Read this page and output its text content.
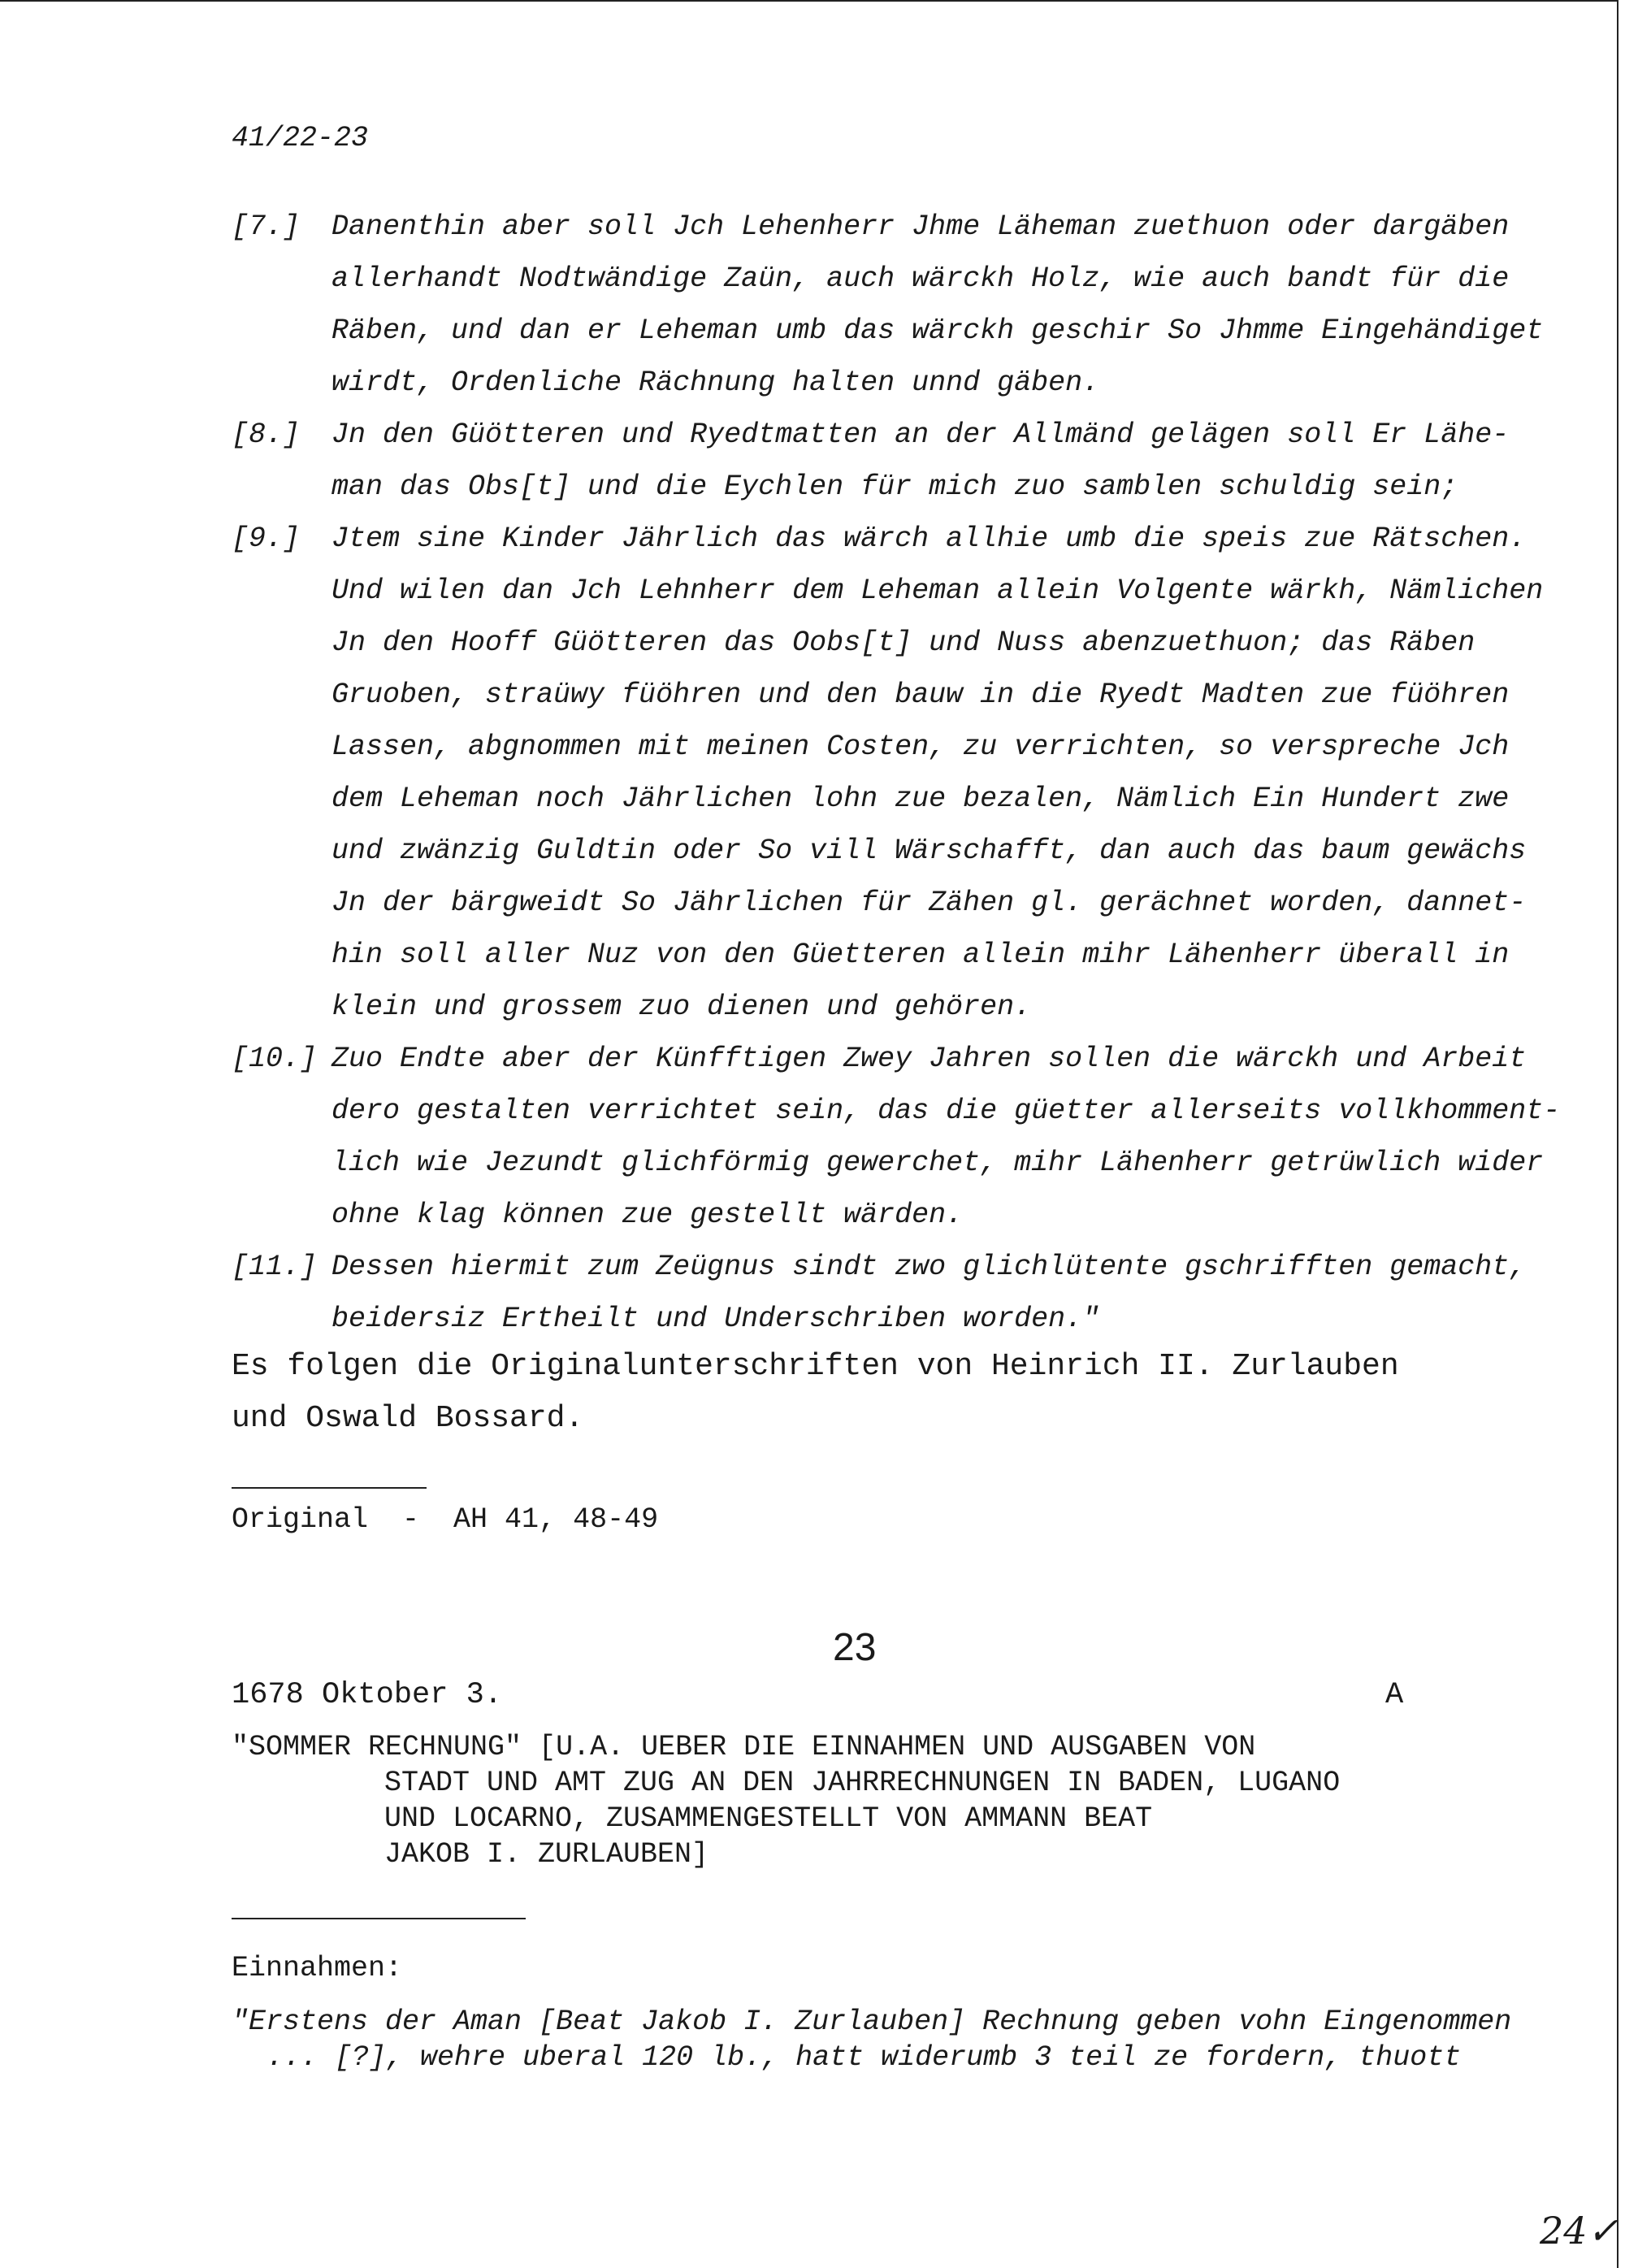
41/22-23
[7.]	Danenthin aber soll Jch Lehenherr Jhme Läheman zuethuon oder dargäben
allerhandt Nodtwändige Zaün, auch wärckh Holz, wie auch bandt für die
Räben, und dan er Leheman umb das wärckh geschir So Jhmme Eingehändiget
wirdt, Ordenliche Rächnung halten unnd gäben.
[8.]	Jn den Güötteren und Ryedtmatten an der Allmänd gelägen soll Er Lähe-
man das Obs[t] und die Eychlen für mich zuo samblen schuldig sein;
[9.]	Jtem sine Kinder Jährlich das wärch allhie umb die speis zue Rätschen.
Und wilen dan Jch Lehnherr dem Leheman allein Volgente wärkh, Nämlichen
Jn den Hooff Güötteren das Oobs[t] und Nuss abenzuethuon; das Räben
Gruoben, straüwy füöhren und den bauw in die Ryedt Madten zue füöhren
Lassen, abgnommen mit meinen Costen, zu verrichten, so verspreche Jch
dem Leheman noch Jährlichen lohn zue bezalen, Nämlich Ein Hundert zwe
und zwänzig Guldtin oder So vill Wärschafft, dan auch das baum gewächs
Jn der bärgweidt So Jährlichen für Zähen gl. gerächnet worden, dannet-
hin soll aller Nuz von den Güetteren allein mihr Lähenherr überall in
klein und grossem zuo dienen und gehören.
[10.] Zuo Endte aber der Künfftigen Zwey Jahren sollen die wärckh und Arbeit
dero gestalten verrichtet sein, das die güetter allerseits vollkhomment-
lich wie Jezundt glichförmig gewerchet, mihr Lähenherr getrüwlich wider
ohne klag können zue gestellt wärden.
[11.] Dessen hiermit zum Zeügnus sindt zwo glichlütente gschrifften gemacht,
beidersiz Ertheilt und Underschriben worden."
Es folgen die Originalunterschriften von Heinrich II. Zurlauben
und Oswald Bossard.
Original  -  AH 41, 48-49
23
1678 Oktober 3.	A
"SOMMER RECHNUNG" [U.A. UEBER DIE EINNAHMEN UND AUSGABEN VON
STADT UND AMT ZUG AN DEN JAHRRECHNUNGEN IN BADEN, LUGANO
UND LOCARNO, ZUSAMMENGESTELLT VON AMMANN BEAT
JAKOB I. ZURLAUBEN]
Einnahmen:
"Erstens der Aman [Beat Jakob I. Zurlauben] Rechnung geben vohn Eingenommen
... [?], wehre uberal 120 lb., hatt widerumb 3 teil ze fordern, thuott
24✓
